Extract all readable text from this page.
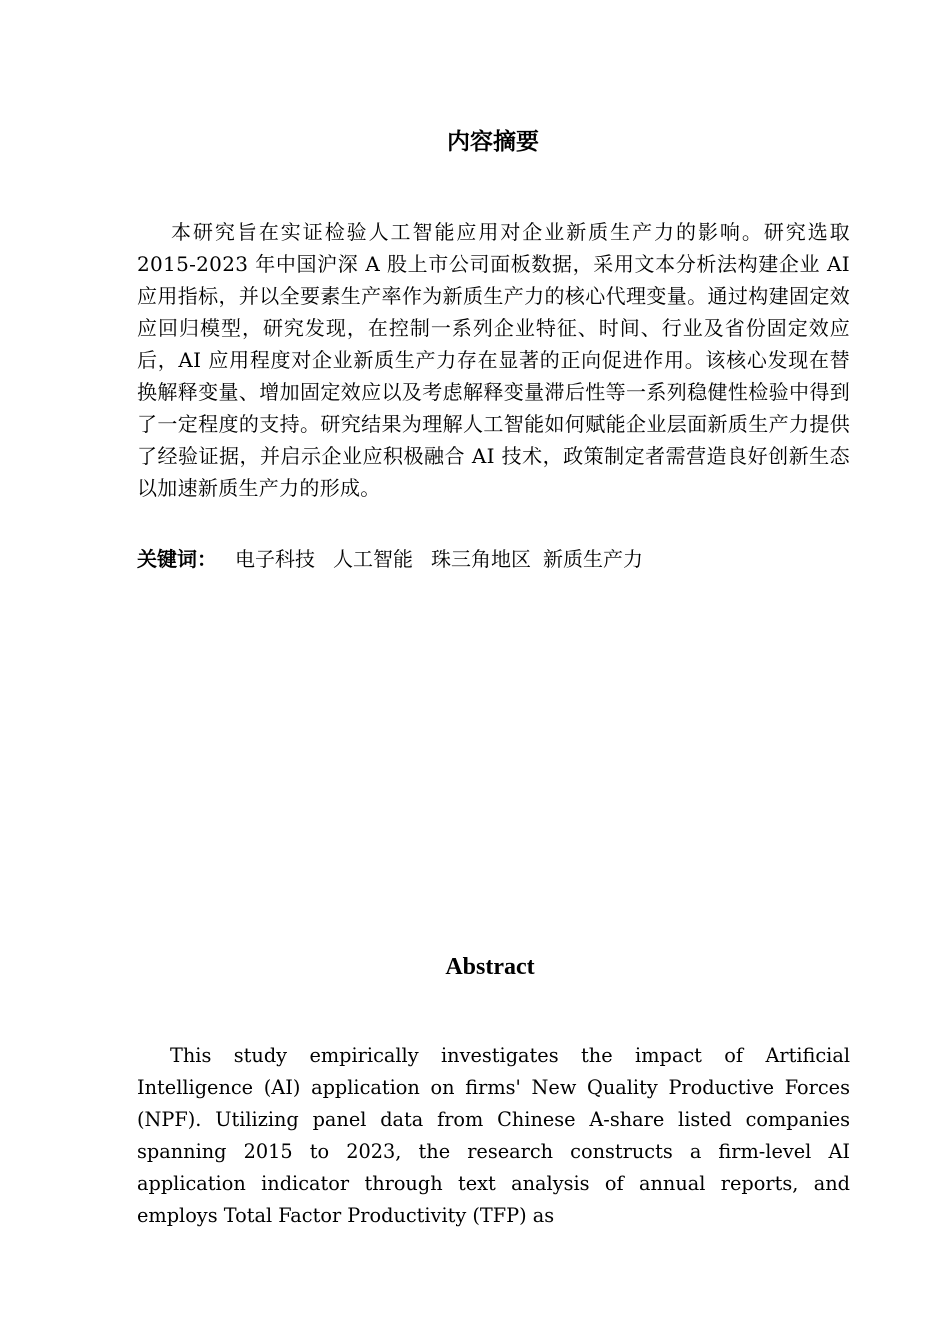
内容摘要

本研究旨在实证检验人工智能应用对企业新质生产力的影响。研究选取 2015-2023 年中国沪深 A 股上市公司面板数据，采用文本分析法构建企业 AI 应用指标，并以全要素生产率作为新质生产力的核心代理变量。通过构建固定效应回归模型，研究发现，在控制一系列企业特征、时间、行业及省份固定效应后，AI 应用程度对企业新质生产力存在显著的正向促进作用。该核心发现在替换解释变量、增加固定效应以及考虑解释变量滞后性等一系列稳健性检验中得到了一定程度的支持。研究结果为理解人工智能如何赋能企业层面新质生产力提供了经验证据，并启示企业应积极融合 AI 技术，政策制定者需营造良好创新生态以加速新质生产力的形成。

关键词： 电子科技 人工智能 珠三角地区 新质生产力

Abstract

This study empirically investigates the impact of Artificial Intelligence (AI) application on firms' New Quality Productive Forces (NPF). Utilizing panel data from Chinese A-share listed companies spanning 2015 to 2023, the research constructs a firm-level AI application indicator through text analysis of annual reports, and employs Total Factor Productivity (TFP) as
